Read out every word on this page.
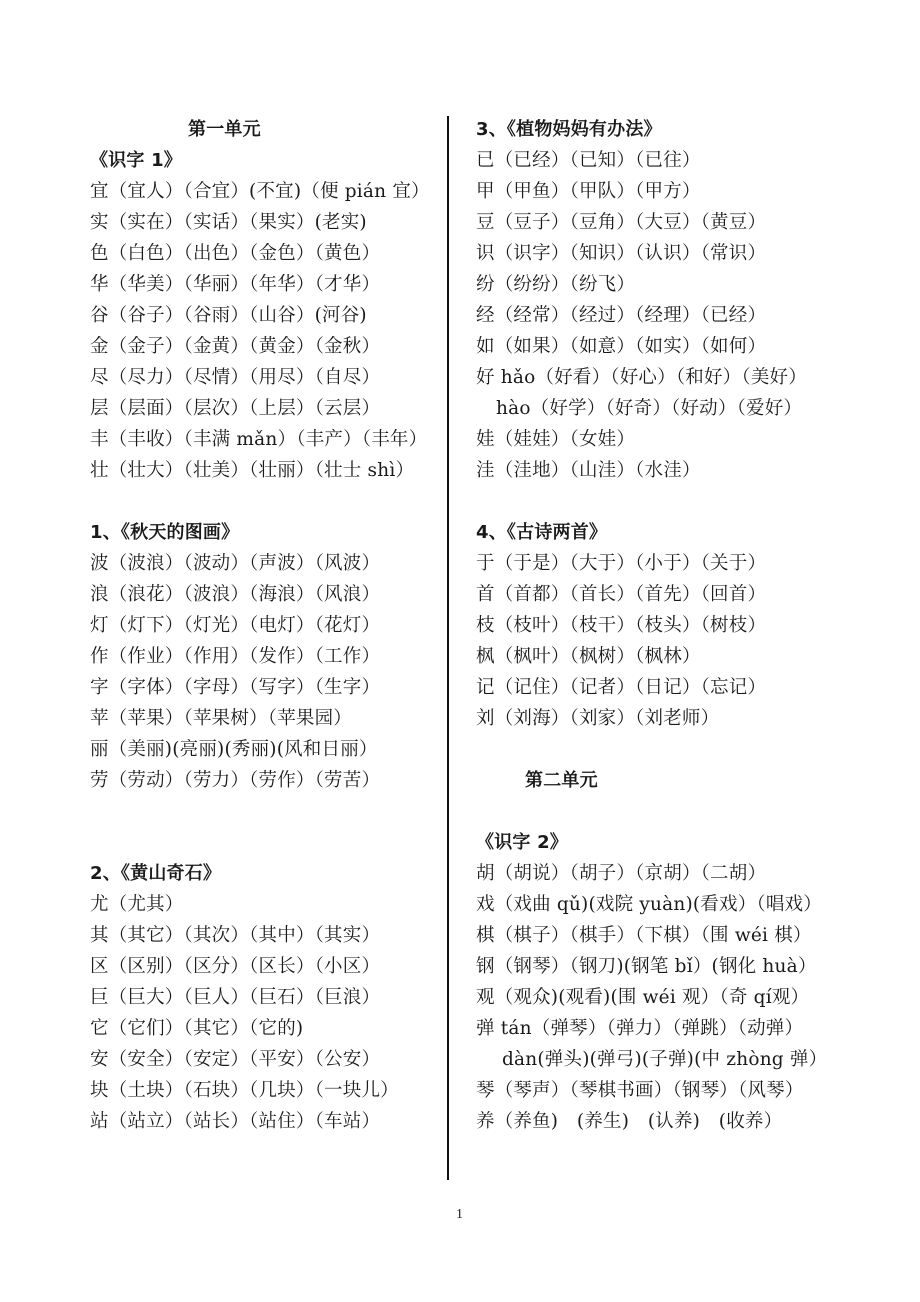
第一单元
《识字 1》
宜（宜人）（合宜）(不宜)（便 pián 宜）
实（实在）（实话）（果实）(老实)
色（白色）（出色）（金色）（黄色）
华（华美）（华丽）（年华）（才华）
谷（谷子）（谷雨）（山谷）(河谷)
金（金子）（金黄）（黄金）（金秋）
尽（尽力）（尽情）（用尽）（自尽）
层（层面）（层次）（上层）（云层）
丰（丰收）（丰满 mǎn）（丰产）（丰年）
壮（壮大）（壮美）（壮丽）（壮士 shì）
1、《秋天的图画》
波（波浪）（波动）（声波）（风波）
浪（浪花）（波浪）（海浪）（风浪）
灯（灯下）（灯光）（电灯）（花灯）
作（作业）（作用）（发作）（工作）
字（字体）（字母）（写字）（生字）
苹（苹果）（苹果树）（苹果园）
丽（美丽)(亮丽)(秀丽)(风和日丽）
劳（劳动）（劳力）（劳作）（劳苦）
2、《黄山奇石》
尤（尤其）
其（其它）（其次）（其中）（其实）
区（区别）（区分）（区长）（小区）
巨（巨大）（巨人）（巨石）（巨浪）
它（它们）（其它）（它的)
安（安全）（安定）（平安）（公安）
块（土块）（石块）（几块）（一块儿）
站（站立）（站长）（站住）（车站）
3、《植物妈妈有办法》
已（已经）（已知）（已往）
甲（甲鱼）（甲队）（甲方）
豆（豆子）（豆角）（大豆）（黄豆）
识（识字）（知识）（认识）（常识）
纷（纷纷）（纷飞）
经（经常）（经过）（经理）（已经）
如（如果）（如意）（如实）（如何）
好 hǎo（好看）（好心）（和好）（美好）
hào（好学）（好奇）（好动）（爱好）
娃（娃娃）（女娃）
洼（洼地）（山洼）（水洼）
4、《古诗两首》
于（于是）（大于）（小于）（关于）
首（首都）（首长）（首先）（回首）
枝（枝叶）（枝干）（枝头）（树枝）
枫（枫叶）（枫树）（枫林）
记（记住）（记者）（日记）（忘记）
刘（刘海）（刘家）（刘老师）
第二单元
《识字 2》
胡（胡说）（胡子）（京胡）（二胡）
戏（戏曲 qǔ)(戏院 yuàn)(看戏）（唱戏）
棋（棋子）（棋手）（下棋）（围 wéi 棋）
钢（钢琴）（钢刀)(钢笔 bǐ）(钢化 huà）
观（观众)(观看)(围 wéi 观）（奇 qí观）
弹 tán（弹琴）（弹力）（弹跳）（动弹）
dàn(弹头)(弹弓)(子弹)(中 zhòng 弹）
琴（琴声）（琴棋书画）（钢琴）（风琴）
养（养鱼)　(养生)　(认养)　(收养）
1
